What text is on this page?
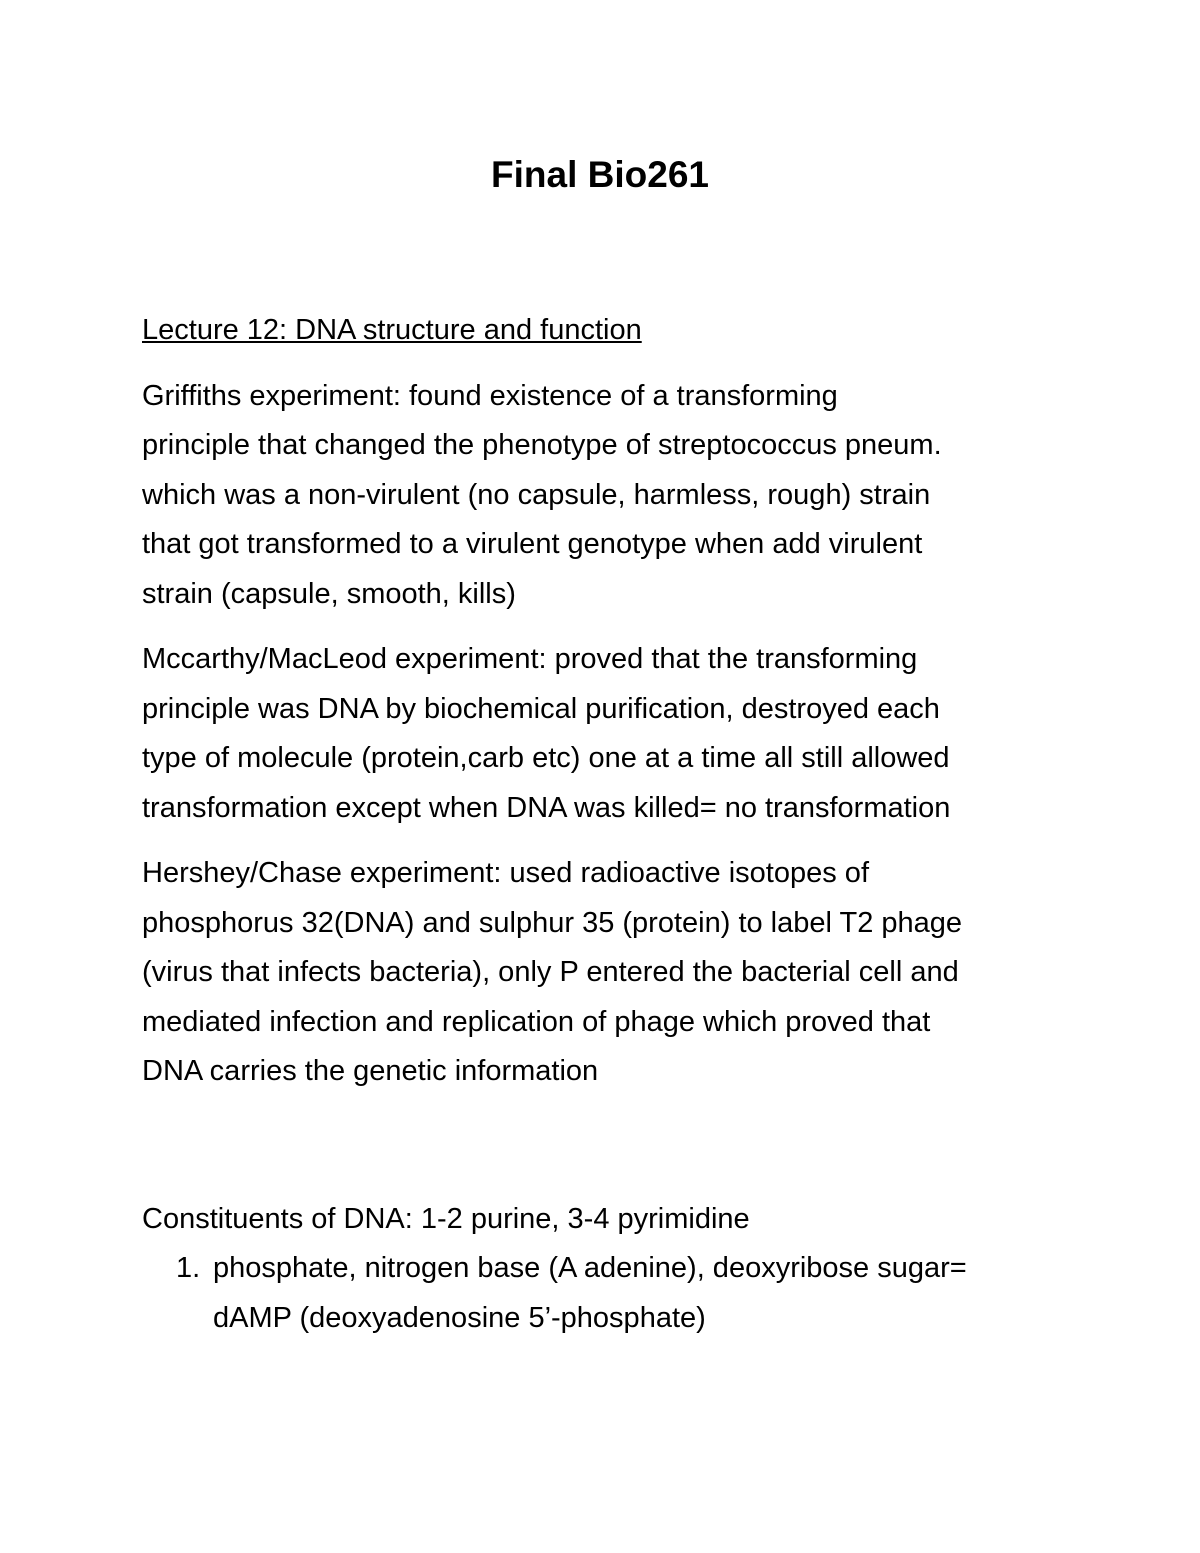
Final Bio261
Lecture 12: DNA structure and function
Griffiths experiment: found existence of a transforming
principle that changed the phenotype of streptococcus pneum.
which was a non-virulent (no capsule, harmless, rough) strain
that got transformed to a virulent genotype when add virulent
strain (capsule, smooth, kills)
Mccarthy/MacLeod experiment: proved that the transforming
principle was DNA by biochemical purification, destroyed each
type of molecule (protein,carb etc) one at a time all still allowed
transformation except when DNA was killed= no transformation
Hershey/Chase experiment: used radioactive isotopes of
phosphorus 32(DNA) and sulphur 35 (protein) to label T2 phage
(virus that infects bacteria), only P entered the bacterial cell and
mediated infection and replication of phage which proved that
DNA carries the genetic information
Constituents of DNA: 1-2 purine, 3-4 pyrimidine
1. phosphate, nitrogen base (A adenine), deoxyribose sugar=
dAMP (deoxyadenosine 5’-phosphate)
